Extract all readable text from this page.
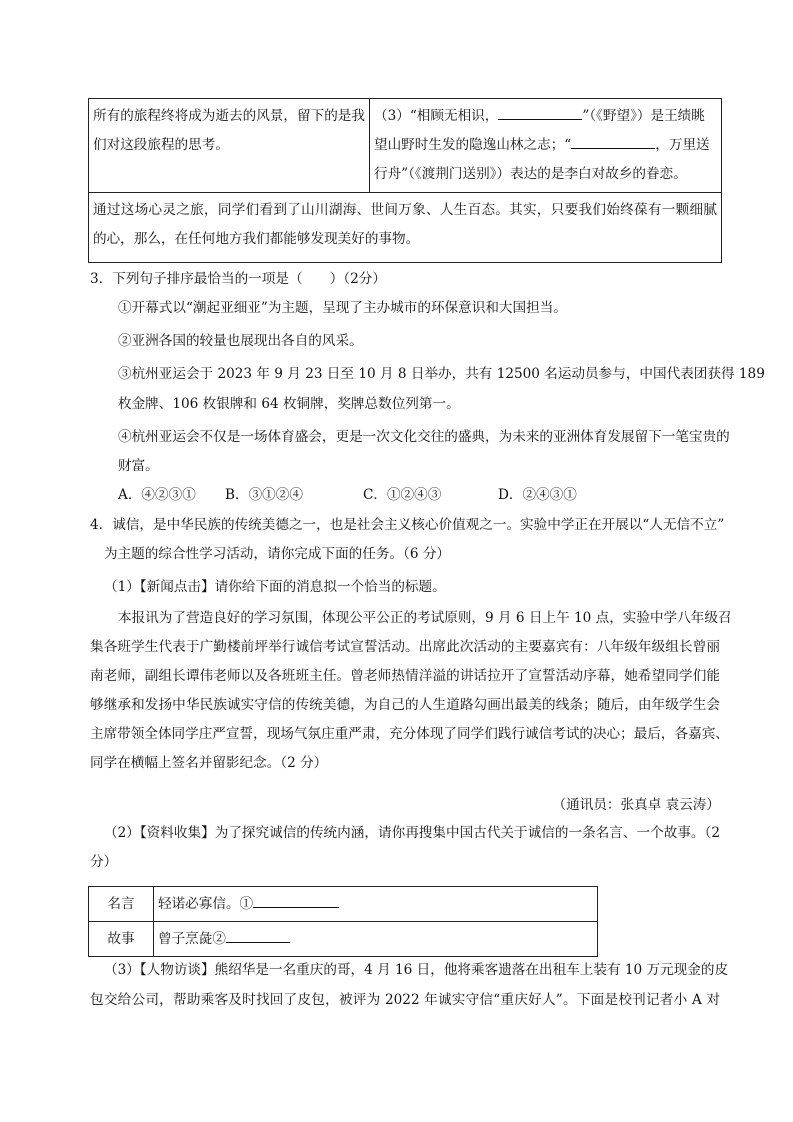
所有的旅程终将成为逝去的风景，留下的是我
们对这段旅程的思考。

（3）“相顾无相识，	”（《野望》）是王绩眺
望山野时生发的隐逸山林之志；“	，万里送
行舟”（《渡荆门送别》）表达的是李白对故乡的眷恋。

通过这场心灵之旅，同学们看到了山川湖海、世间万象、人生百态。其实，只要我们始终葆有一颗细腻
的心，那么，在任何地方我们都能够发现美好的事物。
3．下列句子排序最恰当的一项是（　　）（2分）
①开幕式以“潮起亚细亚”为主题，呈现了主办城市的环保意识和大国担当。
②亚洲各国的较量也展现出各自的风采。
③杭州亚运会于 2023 年 9 月 23 日至 10 月 8 日举办，共有 12500 名运动员参与，中国代表团获得 189
枚金牌、106 枚银牌和 64 枚铜牌，奖牌总数位列第一。
④杭州亚运会不仅是一场体育盛会，更是一次文化交往的盛典，为未来的亚洲体育发展留下一笔宝贵的
财富。
A．④②③① B．③①②④	C．①②④③	D．②④③①
4．诚信，是中华民族的传统美德之一，也是社会主义核心价值观之一。实验中学正在开展以“人无信不立”
为主题的综合性学习活动，请你完成下面的任务。（6 分）
（1）【新闻点击】请你给下面的消息拟一个恰当的标题。
本报讯为了营造良好的学习氛围，体现公平公正的考试原则，9 月 6 日上午 10 点，实验中学八年级召
集各班学生代表于广勤楼前坪举行诚信考试宣誓活动。出席此次活动的主要嘉宾有：八年级年级组长曾丽
南老师，副组长谭伟老师以及各班班主任。曾老师热情洋溢的讲话拉开了宣誓活动序幕，她希望同学们能
够继承和发扬中华民族诚实守信的传统美德，为自己的人生道路勾画出最美的线条；随后，由年级学生会
主席带领全体同学庄严宣誓，现场气氛庄重严肃，充分体现了同学们践行诚信考试的决心；最后，各嘉宾、
同学在横幅上签名并留影纪念。（2 分）
（通讯员：张真卓 袁云涛）
（2）【资料收集】为了探究诚信的传统内涵，请你再搜集中国古代关于诚信的一条名言、一个故事。（2
分）
名言	轻诺必寡信。①
故事	曾子烹彘②
（3）【人物访谈】熊绍华是一名重庆的哥，4 月 16 日，他将乘客遗落在出租车上装有 10 万元现金的皮
包交给公司，帮助乘客及时找回了皮包，被评为 2022 年诚实守信“重庆好人”。下面是校刊记者小 A 对
